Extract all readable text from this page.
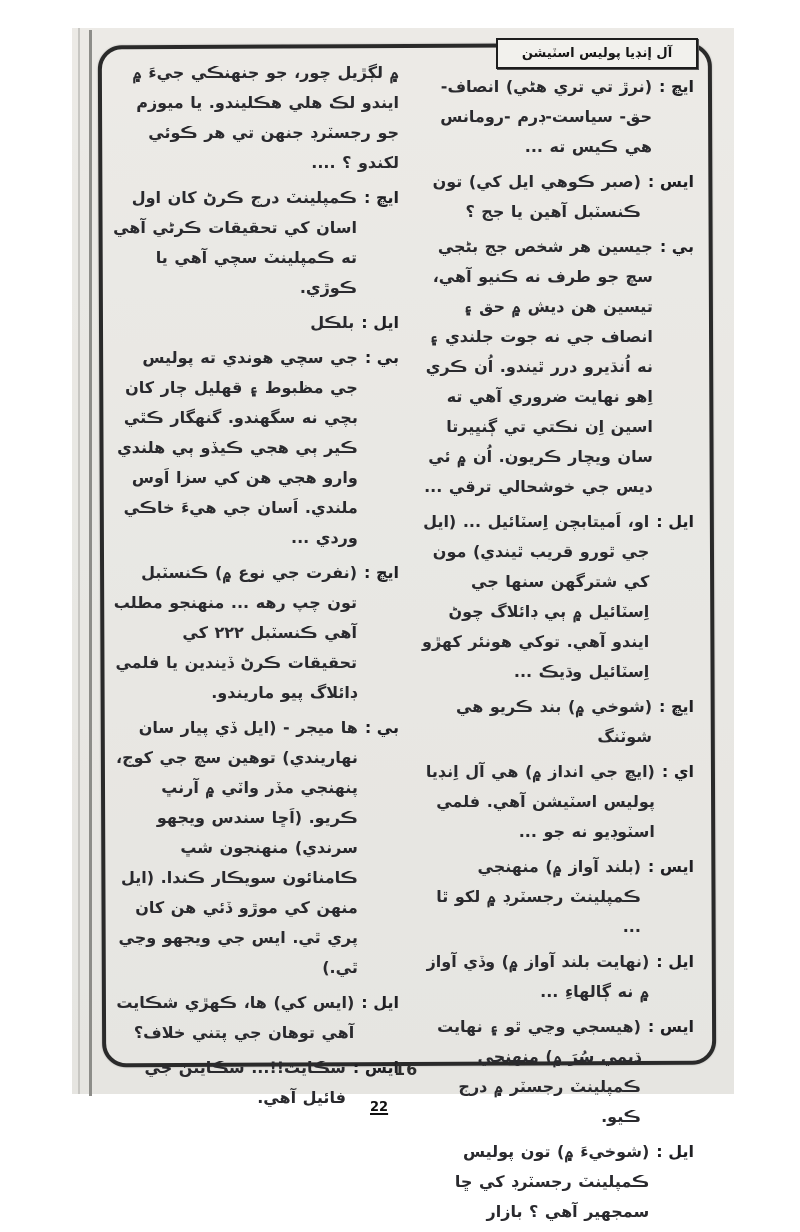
آل إنڊيا پوليس اسٽيشن
ايڇ :
(نرڙ تي تري هڻي) انصاف-حق- سياست-ڊرم -رومانس هي ڪيس ته ...
ايس :
(صبر ڪوهي ايل کي) تون ڪنسٽبل آهين يا جج ؟
بي :
جيسين هر شخص جج بڻجي سچ جو طرف نه ڪنيو آهي، تيسين هن ديش ۾ حق ۽ انصاف جي نه جوت جلندي ۽ نه اُنڌيرو درر ٿيندو. اُن ڪري اِهو نهايت ضروري آهي ته اسين اِن نڪتي تي ڳنڀيرتا سان ويچار ڪريون. اُن ۾ ئي ديس جي خوشحالي ترقي ...
ايل :
او، اَميتابچن اِسٽائيل ... (ايل جي ٿورو قريب ٿيندي) مون کي شترگهن سنها جي اِسٽائيل ۾ ٻي ڊائلاگ چوڻ ايندو آهي. توکي هونئر کهڙو اِسٽائيل وڌيڪ ...
ايڇ :
(شوخي ۾) بند ڪريو هي شوٽنگ
اي :
(ايڇ جي انداز ۾) هي آل اِنڊيا پوليس اسٽيشن آهي. فلمي اسٽوڊيو نه جو ...
ايس :
(بلند آواز ۾) منهنجي ڪمپلينٽ رجسٽرڊ ۾ لکو ٿا ...
ايل :
(نهايت بلند آواز ۾) وڏي آواز ۾ نه ڳالهاءِ ...
ايس :
(هيسجي وڃي ٿو ۽ نهايت ڌيمي سُرَ ۾) منهنجي ڪمپلينٽ رجسٽر ۾ درج ڪيو.
ايل :
(شوخيءَ ۾) تون پوليس ڪمپلينٽ رجسٽرڊ کي ڇا سمجهير آهي ؟ بازار
۾ لڳڙيل چور، جو جنهنڪي جيءَ ۾ ايندو لڪ هلي هڪليندو. يا ميوزم جو رجسٽرڊ جنهن تي هر ڪوئي لکندو ؟ ....
ايڇ :
ڪمپلينٽ درج ڪرڻ کان اول اسان کي تحقيقات ڪرڻي آهي ته ڪمپلينٽ سچي آهي يا ڪوڙي.
ايل :
بلڪل
بي :
جي سچي هوندي ته پوليس جي مظبوط ۽ قهليل ڄار کان بچي نه سگهندو. گنهگار ڪٿي ڪير ٻي هجي ڪيڏو ٻي هلندي وارو هجي هن کي سزا اَوس ملندي. اَسان جي هيءَ خاڪي وردي ...
ايڇ :
(نفرت جي نوع ۾) ڪنسٽبل تون چپ رهه ... منهنجو مطلب آهي ڪنسٽبل ٢٢٢ کي تحقيقات ڪرڻ ڏيندين يا فلمي ڊائلاگ پيو ماريندو.
بي :
ها ميجر - (ايل ڏي پيار سان نهاريندي) توهين سچ جي کوج، پنهنجي مڏر واٽي ۾ آرنڀ ڪريو. (اَڇا سندس ويجهو سرندي) منهنجون شڀ ڪامنائون سويڪار ڪندا. (ايل منهن کي موڙو ڏئي هن کان پري ٿي. ايس جي ويجهو وڃي ٿي.)
ايل :
(ايس کي) ها، ڪهڙي شڪايت آهي توهان جي پتني خلاف؟
ايس :
شڪايت!!... شڪايتن جي فائيل آهي.
16
22
